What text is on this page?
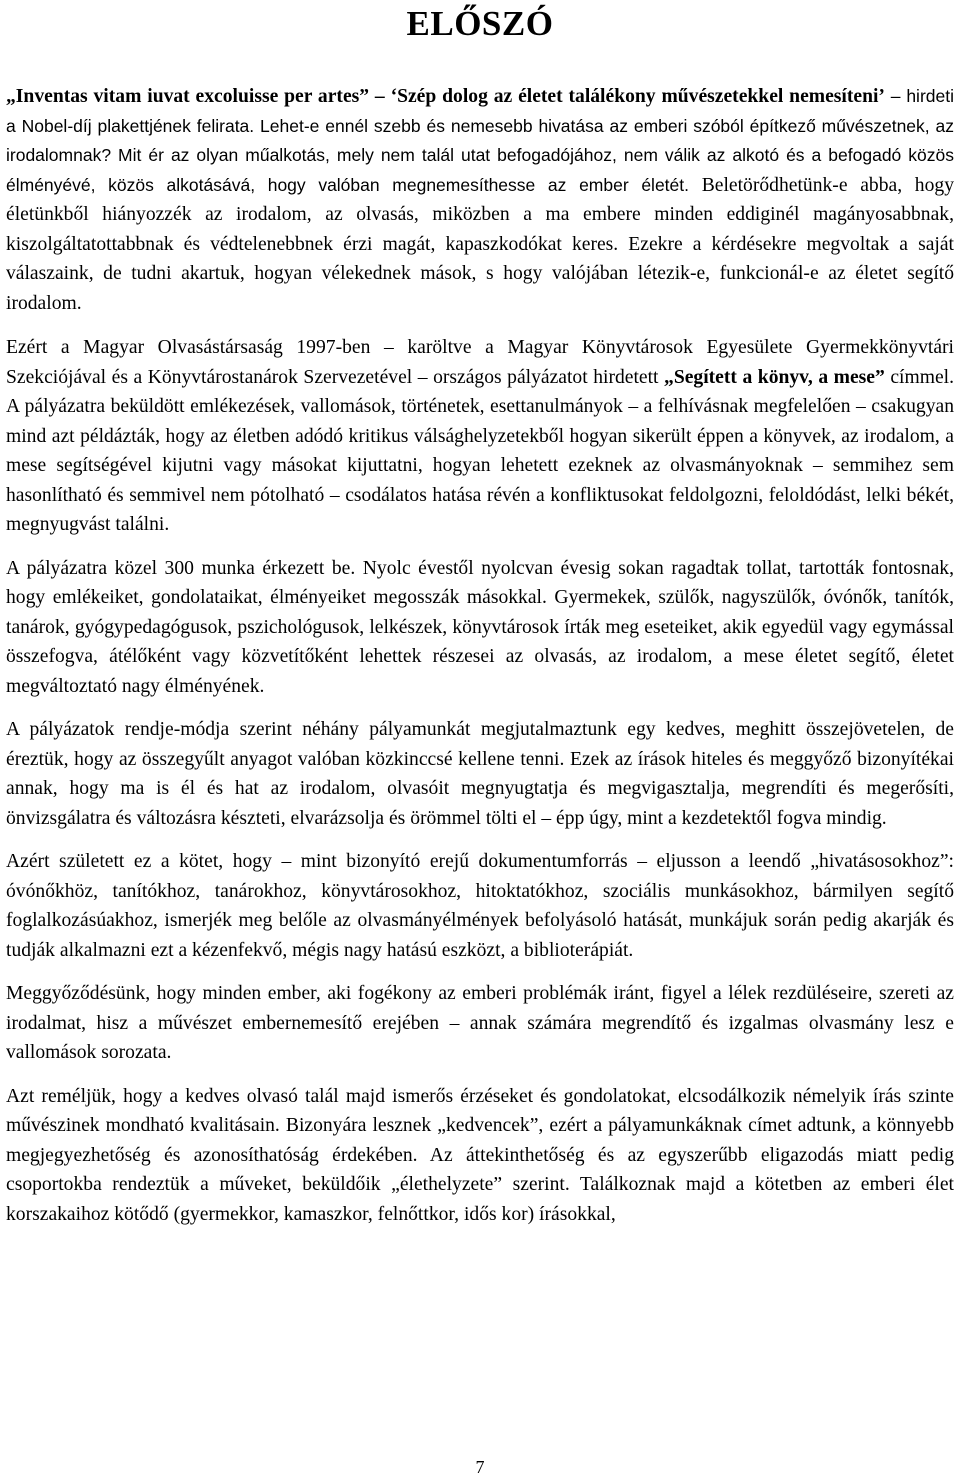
ELŐSZÓ

„Inventas vitam iuvat excoluisse per artes” – ‘Szép dolog az életet találékony művészetekkel nemesíteni’ – hirdeti a Nobel-díj plakettjének felirata. Lehet-e ennél szebb és nemesebb hivatása az emberi szóból építkező művészetnek, az irodalomnak? Mit ér az olyan műalkotás, mely nem talál utat befogadójához, nem válik az alkotó és a befogadó közös élményévé, közös alkotásává, hogy valóban megnemesíthesse az ember életét. Beletörődhetünk-e abba, hogy életünkből hiányozzék az irodalom, az olvasás, miközben a ma embere minden eddiginél magányosabbnak, kiszolgáltatottabbnak és védtelenebbnek érzi magát, kapaszkodókat keres. Ezekre a kérdésekre megvoltak a saját válaszaink, de tudni akartuk, hogyan vélekednek mások, s hogy valójában létezik-e, funkcionál-e az életet segítő irodalom.

Ezért a Magyar Olvasástársaság 1997-ben – karöltve a Magyar Könyvtárosok Egyesülete Gyermekkönyvtári Szekciójával és a Könyvtárostanárok Szervezetével – országos pályázatot hirdetett „Segített a könyv, a mese” címmel. A pályázatra beküldött emlékezések, vallomások, történetek, esettanulmányok – a felhívásnak megfelelően – csakugyan mind azt példázták, hogy az életben adódó kritikus válsághelyzetekből hogyan sikerült éppen a könyvek, az irodalom, a mese segítségével kijutni vagy másokat kijuttatni, hogyan lehetett ezeknek az olvasmányoknak – semmihez sem hasonlítható és semmivel nem pótolható – csodálatos hatása révén a konfliktusokat feldolgozni, feloldódást, lelki békét, megnyugvást találni.

A pályázatra közel 300 munka érkezett be. Nyolc évestől nyolcvan évesig sokan ragadtak tollat, tartották fontosnak, hogy emlékeiket, gondolataikat, élményeiket megosszák másokkal. Gyermekek, szülők, nagyszülők, óvónők, tanítók, tanárok, gyógypedagógusok, pszichológusok, lelkészek, könyvtárosok írták meg eseteiket, akik egyedül vagy egymással összefogva, átélőként vagy közvetítőként lehettek részesei az olvasás, az irodalom, a mese életet segítő, életet megváltoztató nagy élményének.

A pályázatok rendje-módja szerint néhány pályamunkát megjutalmaztunk egy kedves, meghitt összejövetelen, de éreztük, hogy az összegyűlt anyagot valóban közkinccsé kellene tenni. Ezek az írások hiteles és meggyőző bizonyítékai annak, hogy ma is él és hat az irodalom, olvasóit megnyugtatja és megvigasztalja, megrendíti és megerősíti, önvizsgálatra és változásra készteti, elvarázsolja és örömmel tölti el – épp úgy, mint a kezdetektől fogva mindig.

Azért született ez a kötet, hogy – mint bizonyító erejű dokumentumforrás – eljusson a leendő „hivatásosokhoz”: óvónőkhöz, tanítókhoz, tanárokhoz, könyvtárosokhoz, hitoktatókhoz, szociális munkásokhoz, bármilyen segítő foglalkozásúakhoz, ismerjék meg belőle az olvasmányélmények befolyásoló hatását, munkájuk során pedig akarják és tudják alkalmazni ezt a kézenfekvő, mégis nagy hatású eszközt, a biblioterápiát.

Meggyőződésünk, hogy minden ember, aki fogékony az emberi problémák iránt, figyel a lélek rezdüléseire, szereti az irodalmat, hisz a művészet embernemesítő erejében – annak számára megrendítő és izgalmas olvasmány lesz e vallomások sorozata.

Azt reméljük, hogy a kedves olvasó talál majd ismerős érzéseket és gondolatokat, elcsodálkozik némelyik írás szinte művészinek mondható kvalitásain. Bizonyára lesznek „kedvencek”, ezért a pályamunkáknak címet adtunk, a könnyebb megjegyezhetőség és azonosíthatóság érdekében. Az áttekinthetőség és az egyszerűbb eligazodás miatt pedig csoportokba rendeztük a műveket, beküldőik „élethelyzete” szerint. Találkoznak majd a kötetben az emberi élet korszakaihoz kötődő (gyermekkor, kamaszkor, felnőttkor, idős kor) írásokkal,

7
